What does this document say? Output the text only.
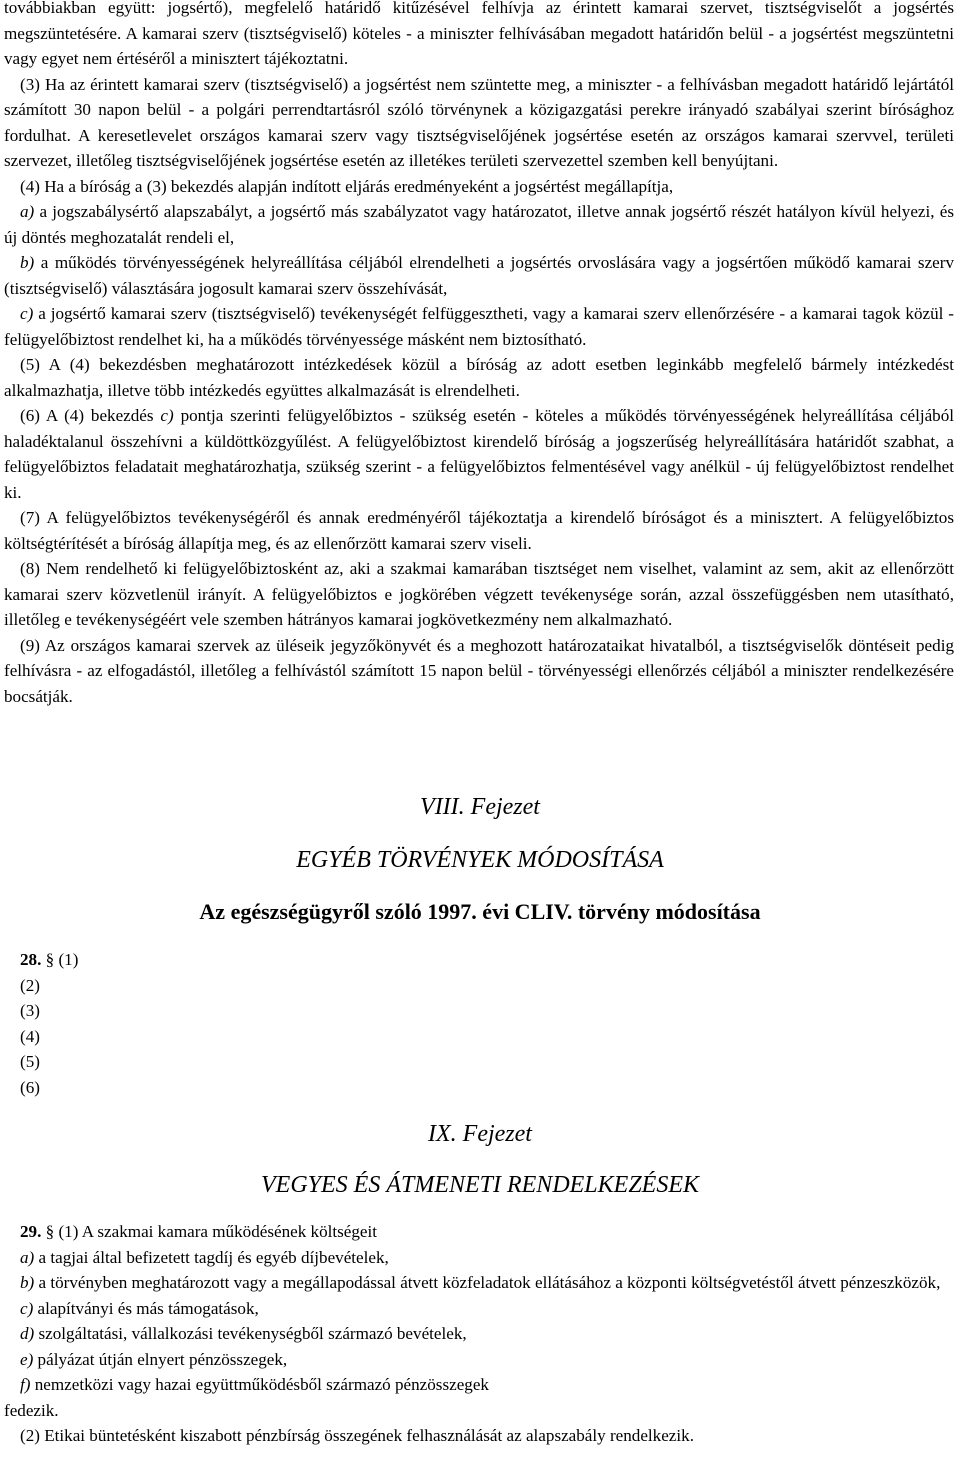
továbbiakban együtt: jogsértő), megfelelő határidő kitűzésével felhívja az érintett kamarai szervet, tisztségviselőt a jogsértés megszüntetésére. A kamarai szerv (tisztségviselő) köteles - a miniszter felhívásában megadott határidőn belül - a jogsértést megszüntetni vagy egyet nem értéséről a minisztert tájékoztatni.

(3) Ha az érintett kamarai szerv (tisztségviselő) a jogsértést nem szüntette meg, a miniszter - a felhívásban megadott határidő lejártától számított 30 napon belül - a polgári perrendtartásról szóló törvénynek a közigazgatási perekre irányadó szabályai szerint bírósághoz fordulhat. A keresetlevelet országos kamarai szerv vagy tisztségviselőjének jogsértése esetén az országos kamarai szervvel, területi szervezet, illetőleg tisztségviselőjének jogsértése esetén az illetékes területi szervezettel szemben kell benyújtani.

(4) Ha a bíróság a (3) bekezdés alapján indított eljárás eredményeként a jogsértést megállapítja,

a) a jogszabálysértő alapszabályt, a jogsértő más szabályzatot vagy határozatot, illetve annak jogsértő részét hatályon kívül helyezi, és új döntés meghozatalát rendeli el,

b) a működés törvényességének helyreállítása céljából elrendelheti a jogsértés orvoslására vagy a jogsértően működő kamarai szerv (tisztségviselő) választására jogosult kamarai szerv összehívását,

c) a jogsértő kamarai szerv (tisztségviselő) tevékenységét felfüggesztheti, vagy a kamarai szerv ellenőrzésére - a kamarai tagok közül - felügyelőbiztost rendelhet ki, ha a működés törvényessége másként nem biztosítható.

(5) A (4) bekezdésben meghatározott intézkedések közül a bíróság az adott esetben leginkább megfelelő bármely intézkedést alkalmazhatja, illetve több intézkedés együttes alkalmazását is elrendelheti.

(6) A (4) bekezdés c) pontja szerinti felügyelőbiztos - szükség esetén - köteles a működés törvényességének helyreállítása céljából haladéktalanul összehívni a küldöttközgyűlést. A felügyelőbiztost kirendelő bíróság a jogszerűség helyreállítására határidőt szabhat, a felügyelőbiztos feladatait meghatározhatja, szükség szerint - a felügyelőbiztos felmentésével vagy anélkül - új felügyelőbiztost rendelhet ki.

(7) A felügyelőbiztos tevékenységéről és annak eredményéről tájékoztatja a kirendelő bíróságot és a minisztert. A felügyelőbiztos költségtérítését a bíróság állapítja meg, és az ellenőrzött kamarai szerv viseli.

(8) Nem rendelhető ki felügyelőbiztosként az, aki a szakmai kamarában tisztséget nem viselhet, valamint az sem, akit az ellenőrzött kamarai szerv közvetlenül irányít. A felügyelőbiztos e jogkörében végzett tevékenysége során, azzal összefüggésben nem utasítható, illetőleg e tevékenységéért vele szemben hátrányos kamarai jogkövetkezmény nem alkalmazható.

(9) Az országos kamarai szervek az üléseik jegyzőkönyvét és a meghozott határozataikat hivatalból, a tisztségviselők döntéseit pedig felhívásra - az elfogadástól, illetőleg a felhívástól számított 15 napon belül - törvényességi ellenőrzés céljából a miniszter rendelkezésére bocsátják.

VIII. Fejezet
EGYÉB TÖRVÉNYEK MÓDOSÍTÁSA
Az egészségügyről szóló 1997. évi CLIV. törvény módosítása
28. § (1)
(2)
(3)
(4)
(5)
(6)
IX. Fejezet
VEGYES ÉS ÁTMENETI RENDELKEZÉSEK

29. § (1) A szakmai kamara működésének költségeit

a) a tagjai által befizetett tagdíj és egyéb díjbevételek,

b) a törvényben meghatározott vagy a megállapodással átvett közfeladatok ellátásához a központi költségvetéstől átvett pénzeszközök,

c) alapítványi és más támogatások,

d) szolgáltatási, vállalkozási tevékenységből származó bevételek,

e) pályázat útján elnyert pénzösszegek,

f) nemzetközi vagy hazai együttműködésből származó pénzösszegek

fedezik.

(2) Etikai büntetésként kiszabott pénzbírság összegének felhasználását az alapszabály rendelkezik.
